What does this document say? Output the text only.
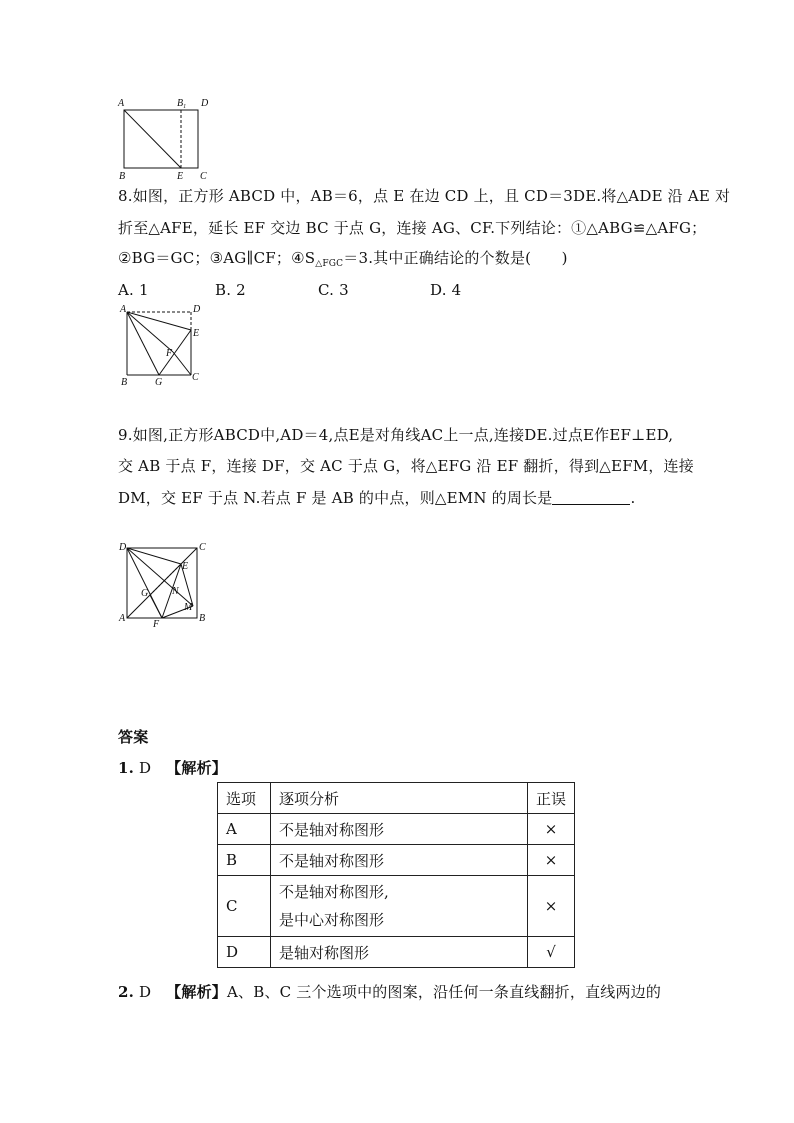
A	$B_1$ D
B	E C
8.如图，正方形 ABCD 中，AB＝6，点 E 在边 CD 上，且 CD＝3DE.将△ADE 沿 AE 对
折至△AFE，延长 EF 交边 BC 于点 G，连接 AG、CF.下列结论：①△ABG≌△AFG；
②BG＝GC；③AG∥CF；$④S_{\triangle FGC}=3$.其中正确结论的个数是(　　)
A. 1	B. 2	C. 3	D. 4
A	D
E
F
B	G	C
9.如图,正方形ABCD中,AD＝4,点E是对角线AC上一点,连接DE.过点E作EF⊥ED,
交 AB 于点 F，连接 DF，交 AC 于点 G，将△EFG 沿 EF 翻折，得到△EFM，连接
DM，交 EF 于点 N.若点 F 是 AB 的中点，则△EMN 的周长是	.
D	C
E
G N
M
A
F
B
答案
1. D 【解析】
选项	逐项分析	正误
A	不是轴对称图形	×
B	不是轴对称图形	×
C	不是轴对称图形,
是中心对称图形	×
D	是轴对称图形	√
2. D 【解析】A、B、C 三个选项中的图案，沿任何一条直线翻折，直线两边的
